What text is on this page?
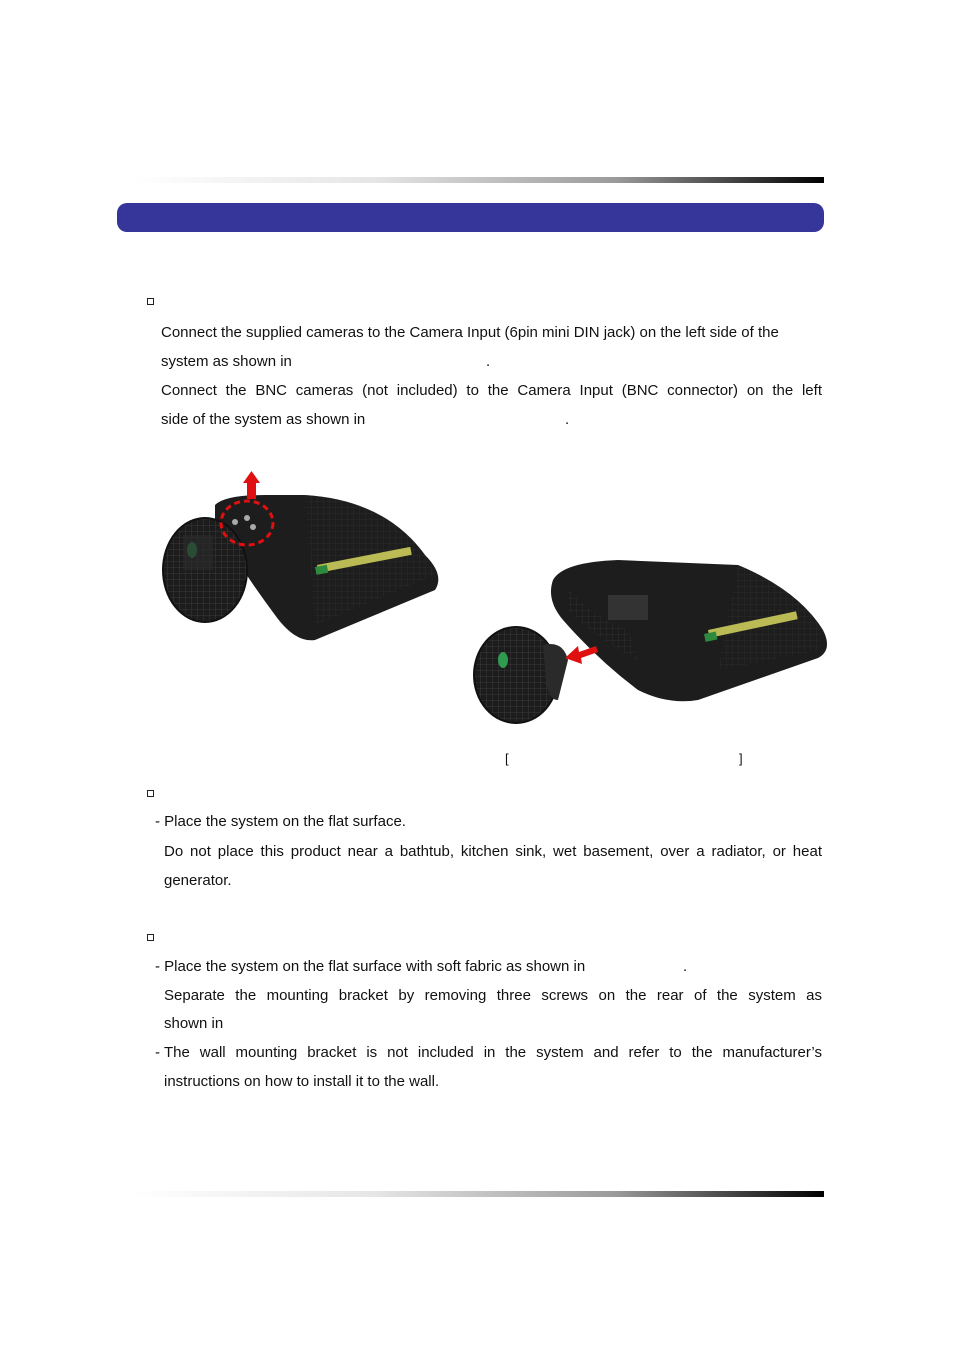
Connect the supplied cameras to the Camera Input (6pin mini DIN jack) on the left side of the
system as shown in	.
Connect the BNC cameras (not included) to the Camera Input (BNC connector) on the left
side of the system as shown in	.
[	]
- Place the system on the flat surface.
Do not place this product near a bathtub, kitchen sink, wet basement, over a radiator, or heat
generator.
- Place the system on the flat surface with soft fabric as shown in	.
Separate the mounting bracket by removing three screws on the rear of the system as
shown in
- The wall mounting bracket is not included in the system and refer to the manufacturer’s
instructions on how to install it to the wall.
